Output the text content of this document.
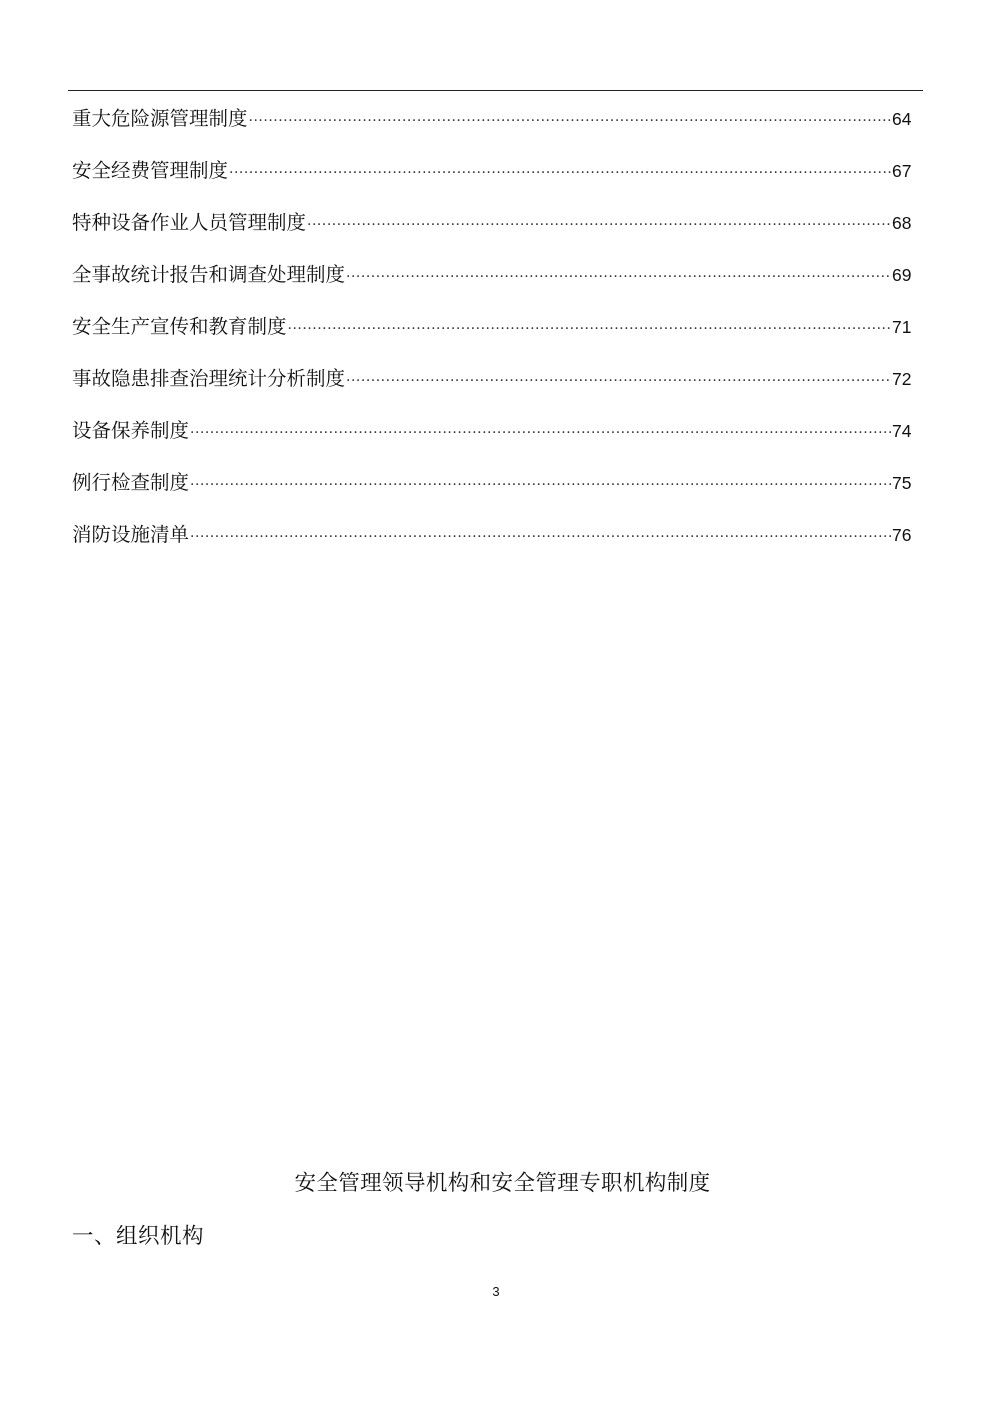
重大危险源管理制度 ·····	64
安全经费管理制度 ·····	67
特种设备作业人员管理制度 ·····	68
全事故统计报告和调查处理制度 ·····	69
安全生产宣传和教育制度 ·····	71
事故隐患排查治理统计分析制度 ·····	72
设备保养制度 ·····	74
例行检查制度 ·····	75
消防设施清单 ·····	76
安全管理领导机构和安全管理专职机构制度
一、组织机构
3
